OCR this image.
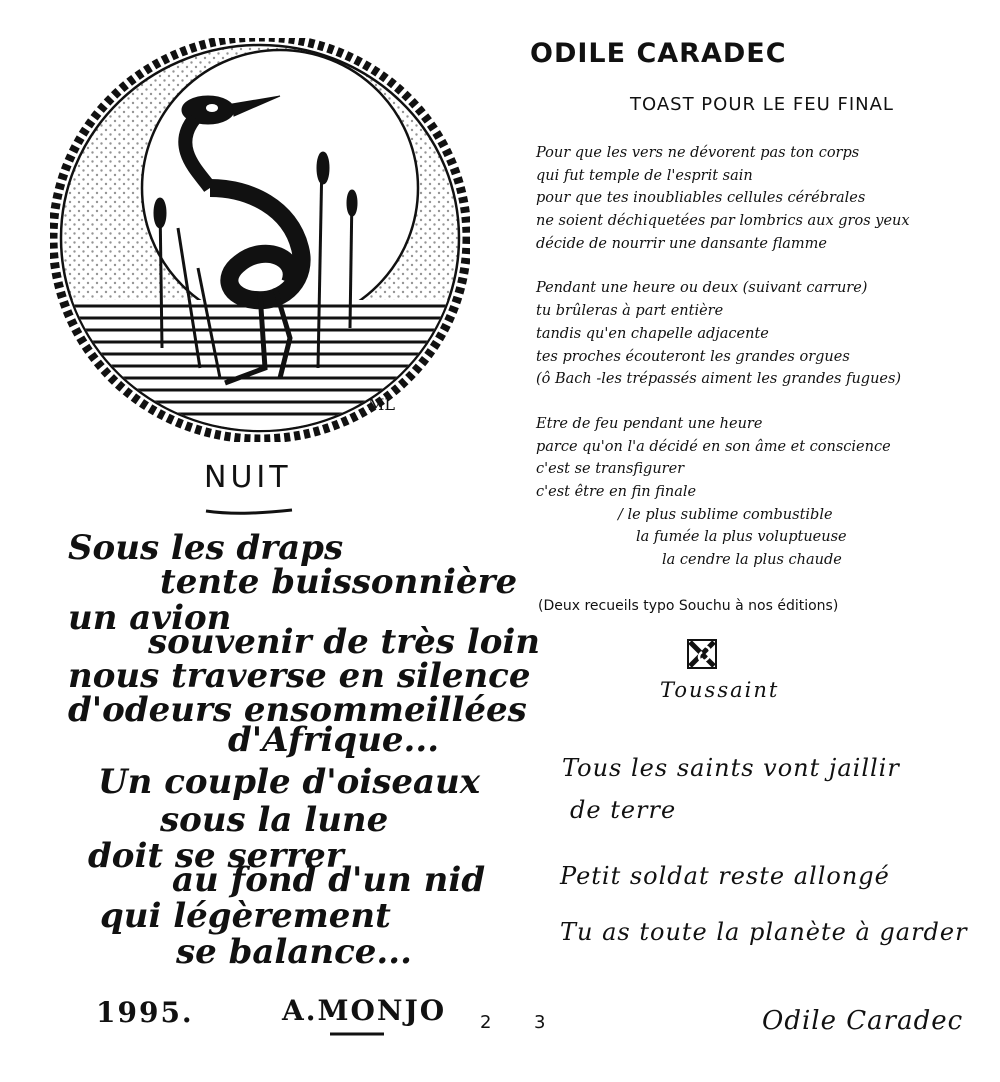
ML
NUIT
Sous les draps
tente buissonnière
un avion
souvenir de très loin
nous traverse en silence
d'odeurs ensommeillées
d'Afrique...
Un couple d'oiseaux
sous la lune
doit se serrer
au fond d'un nid
qui légèrement
se balance...
1995.	A.MONJO 2
ODILE CARADEC
TOAST POUR LE FEU FINAL
Pour que les vers ne dévorent pas ton corps
qui fut temple de l'esprit sain
pour que tes inoubliables cellules cérébrales
ne soient déchiquetées par lombrics aux gros yeux
décide de nourrir une dansante flamme
Pendant une heure ou deux (suivant carrure)
tu brûleras à part entière
tandis qu'en chapelle adjacente
tes proches écouteront les grandes orgues
(ô Bach -les trépassés aiment les grandes fugues)
Etre de feu pendant une heure
parce qu'on l'a décidé en son âme et conscience
c'est se transfigurer
c'est être en fin finale
/ le plus sublime combustible
la fumée la plus voluptueuse
la cendre la plus chaude
(Deux recueils typo Souchu à nos éditions)
Toussaint
Tous les saints vont jaillir
de terre
Petit soldat reste allongé
Tu as toute la planète à garder
Odile Caradec
3
